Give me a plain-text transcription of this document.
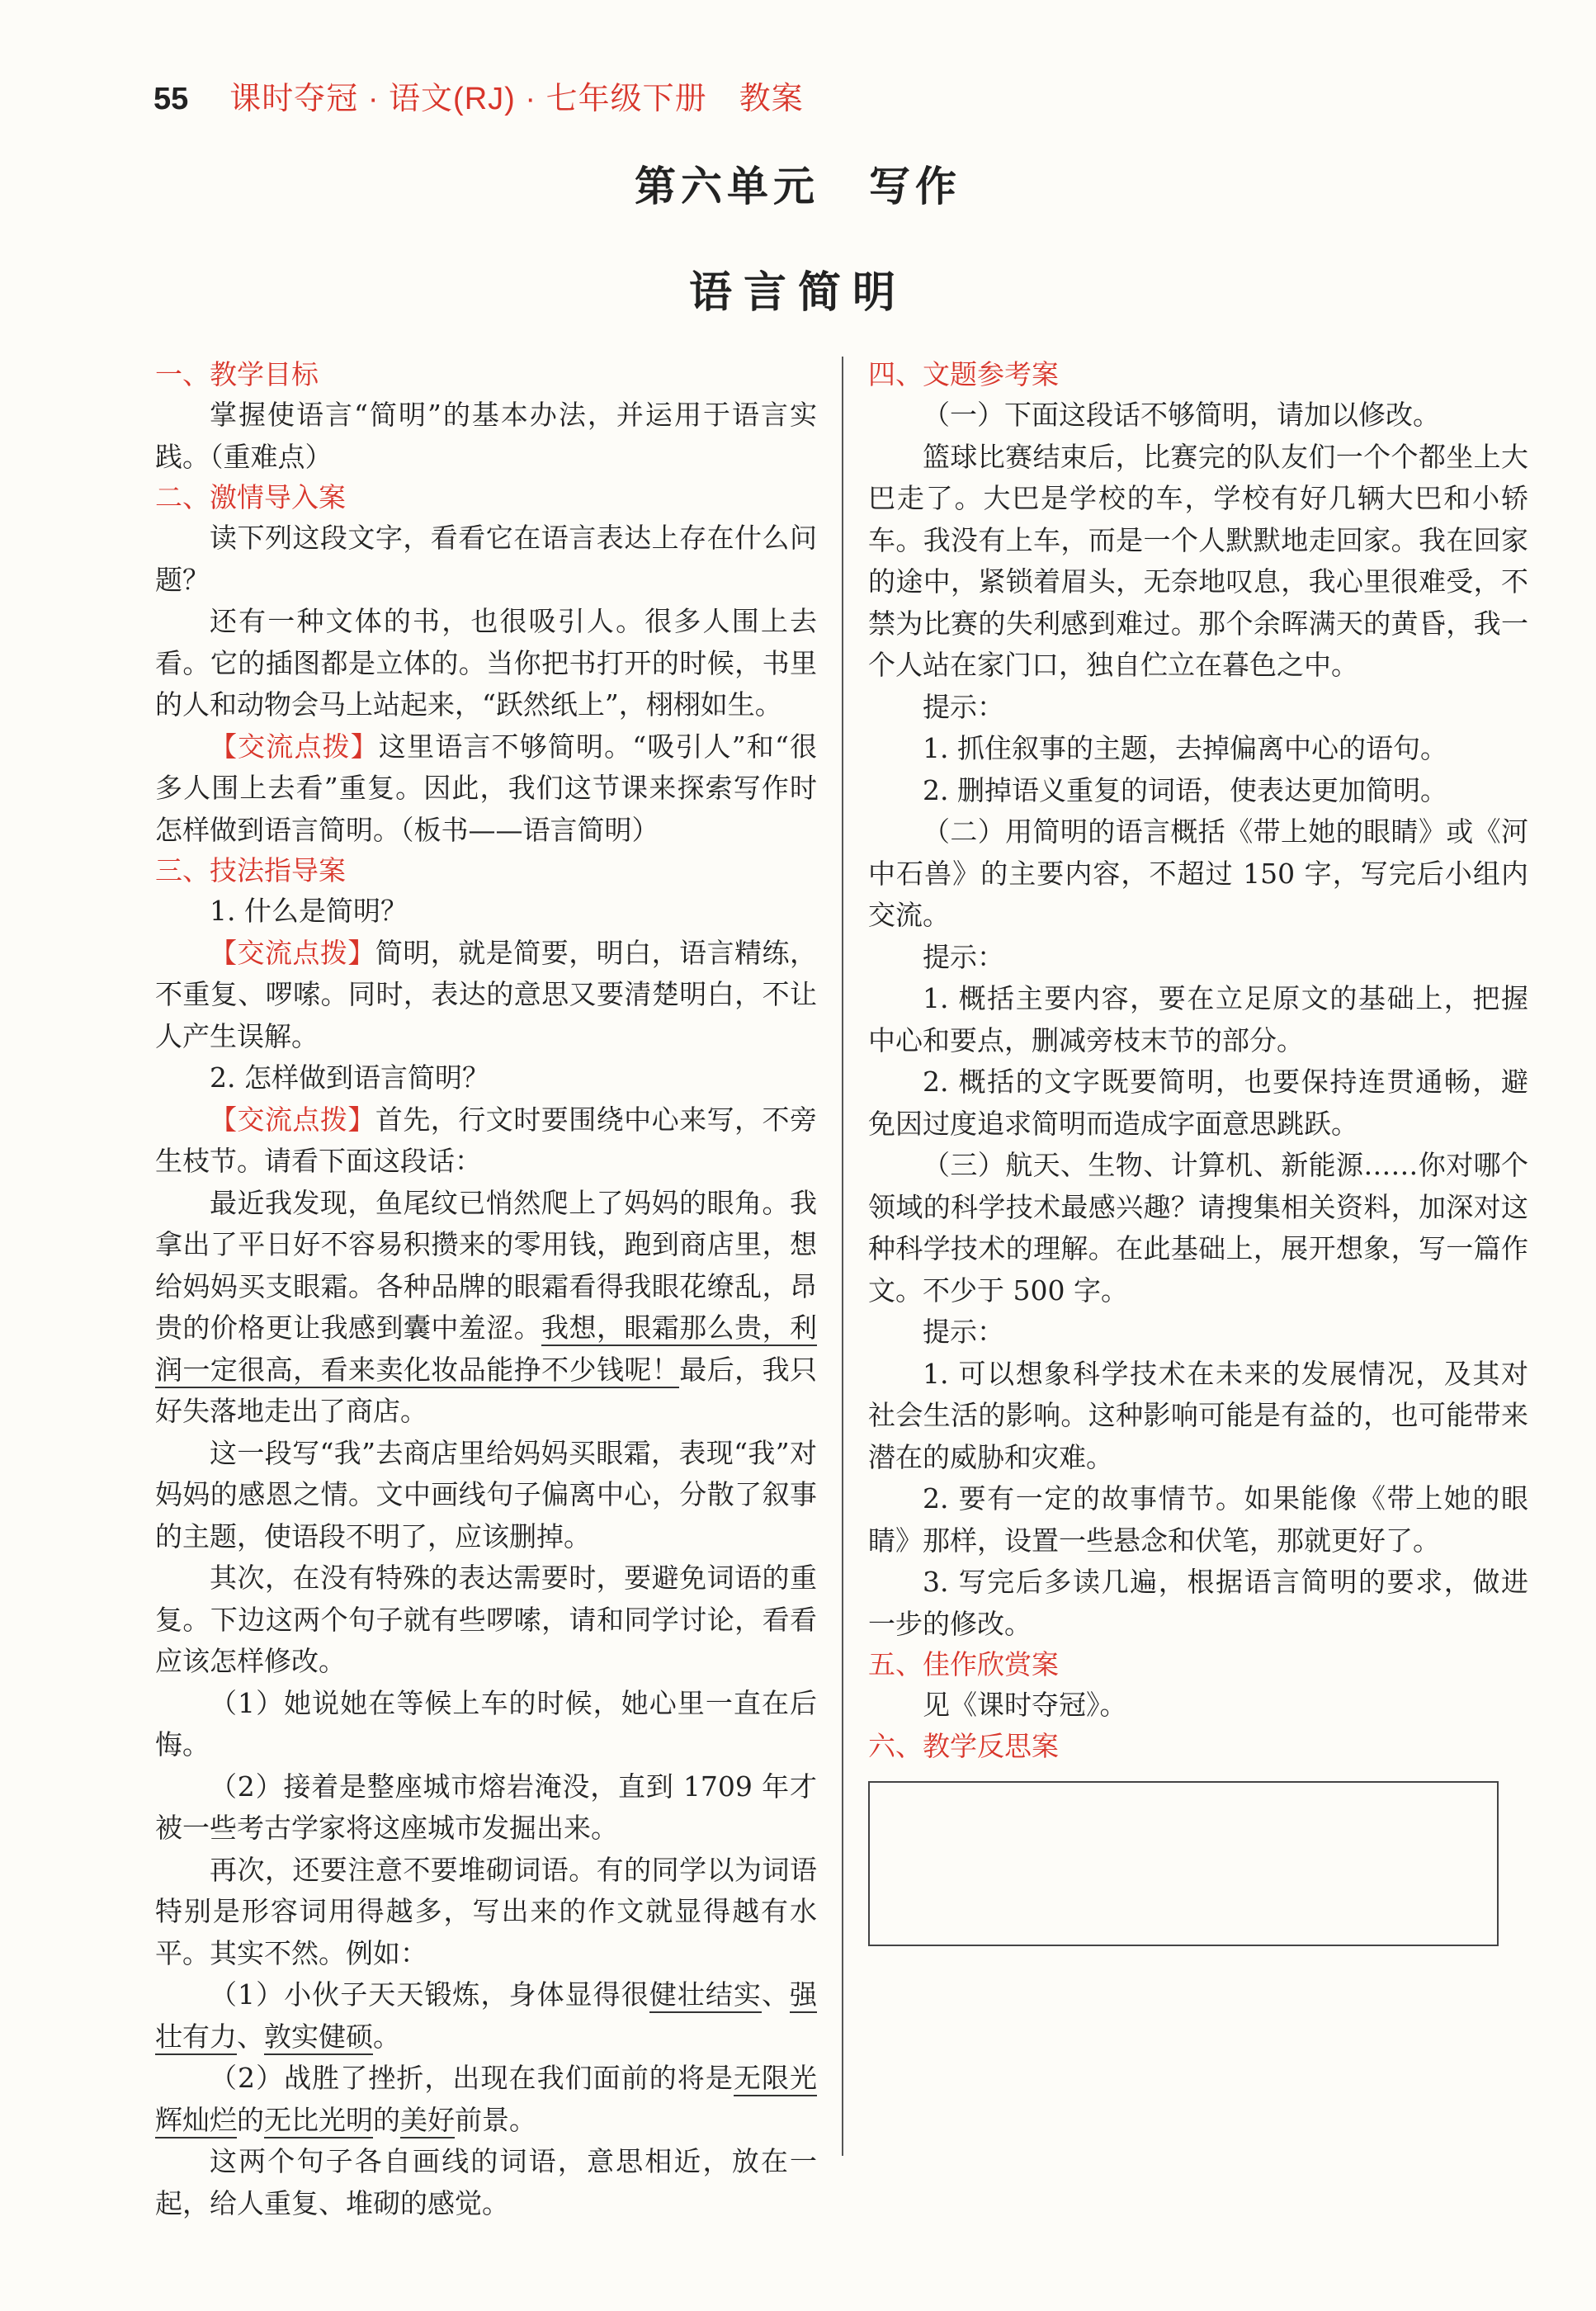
55 课时夺冠 · 语文(RJ) · 七年级下册　教案
第六单元 写作
语言简明
一、教学目标

掌握使语言“简明”的基本办法，并运用于语言实践。（重难点）

二、激情导入案

读下列这段文字，看看它在语言表达上存在什么问题？

还有一种文体的书，也很吸引人。很多人围上去看。它的插图都是立体的。当你把书打开的时候，书里的人和动物会马上站起来，“跃然纸上”，栩栩如生。

【交流点拨】这里语言不够简明。“吸引人”和“很多人围上去看”重复。因此，我们这节课来探索写作时怎样做到语言简明。（板书——语言简明）

三、技法指导案

1. 什么是简明？

【交流点拨】简明，就是简要，明白，语言精练，不重复、啰嗦。同时，表达的意思又要清楚明白，不让人产生误解。

2. 怎样做到语言简明？

【交流点拨】首先，行文时要围绕中心来写，不旁生枝节。请看下面这段话：

最近我发现，鱼尾纹已悄然爬上了妈妈的眼角。我拿出了平日好不容易积攒来的零用钱，跑到商店里，想给妈妈买支眼霜。各种品牌的眼霜看得我眼花缭乱，昂贵的价格更让我感到囊中羞涩。我想，眼霜那么贵，利润一定很高，看来卖化妆品能挣不少钱呢！最后，我只好失落地走出了商店。

这一段写“我”去商店里给妈妈买眼霜，表现“我”对妈妈的感恩之情。文中画线句子偏离中心，分散了叙事的主题，使语段不明了，应该删掉。

其次，在没有特殊的表达需要时，要避免词语的重复。下边这两个句子就有些啰嗦，请和同学讨论，看看应该怎样修改。

（1）她说她在等候上车的时候，她心里一直在后悔。

（2）接着是整座城市熔岩淹没，直到 1709 年才被一些考古学家将这座城市发掘出来。

再次，还要注意不要堆砌词语。有的同学以为词语特别是形容词用得越多，写出来的作文就显得越有水平。其实不然。例如：

（1）小伙子天天锻炼，身体显得很健壮结实、强壮有力、敦实健硕。

（2）战胜了挫折，出现在我们面前的将是无限光辉灿烂的无比光明的美好前景。

这两个句子各自画线的词语，意思相近，放在一起，给人重复、堆砌的感觉。

四、文题参考案

（一）下面这段话不够简明，请加以修改。

篮球比赛结束后，比赛完的队友们一个个都坐上大巴走了。大巴是学校的车，学校有好几辆大巴和小轿车。我没有上车，而是一个人默默地走回家。我在回家的途中，紧锁着眉头，无奈地叹息，我心里很难受，不禁为比赛的失利感到难过。那个余晖满天的黄昏，我一个人站在家门口，独自伫立在暮色之中。

提示：

1. 抓住叙事的主题，去掉偏离中心的语句。

2. 删掉语义重复的词语，使表达更加简明。

（二）用简明的语言概括《带上她的眼睛》或《河中石兽》的主要内容，不超过 150 字，写完后小组内交流。

提示：

1. 概括主要内容，要在立足原文的基础上，把握中心和要点，删减旁枝末节的部分。

2. 概括的文字既要简明，也要保持连贯通畅，避免因过度追求简明而造成字面意思跳跃。

（三）航天、生物、计算机、新能源……你对哪个领域的科学技术最感兴趣？请搜集相关资料，加深对这种科学技术的理解。在此基础上，展开想象，写一篇作文。不少于 500 字。

提示：

1. 可以想象科学技术在未来的发展情况，及其对社会生活的影响。这种影响可能是有益的，也可能带来潜在的威胁和灾难。

2. 要有一定的故事情节。如果能像《带上她的眼睛》那样，设置一些悬念和伏笔，那就更好了。

3. 写完后多读几遍，根据语言简明的要求，做进一步的修改。

五、佳作欣赏案

见《课时夺冠》。

六、教学反思案
